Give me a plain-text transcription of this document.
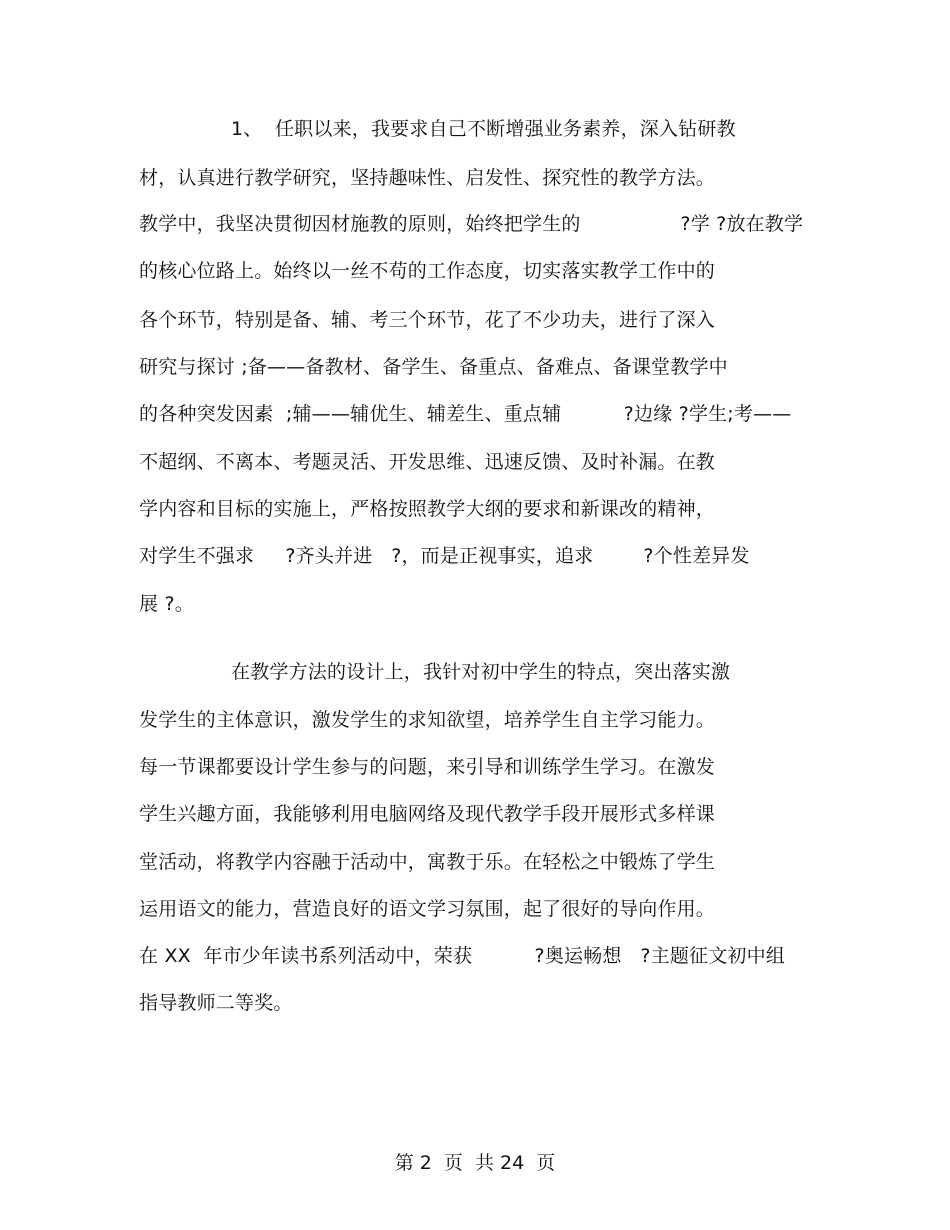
1、  任职以来，我要求自己不断增强业务素养，深入钻研教
材，认真进行教学研究，坚持趣味性、启发性、探究性的教学方法。
教学中，我坚决贯彻因材施教的原则，始终把学生的                ?学 ?放在教学
的核心位路上。始终以一丝不苟的工作态度，切实落实教学工作中的
各个环节，特别是备、辅、考三个环节，花了不少功夫，进行了深入
研究与探讨 ;备——备教材、备学生、备重点、备难点、备课堂教学中
的各种突发因素  ;辅——辅优生、辅差生、重点辅          ?边缘 ?学生;考——
不超纲、不离本、考题灵活、开发思维、迅速反馈、及时补漏。在教
学内容和目标的实施上，严格按照教学大纲的要求和新课改的精神，
对学生不强求     ?齐头并进   ?，而是正视事实，追求        ?个性差异发
展 ?。
在教学方法的设计上，我针对初中学生的特点，突出落实激
发学生的主体意识，激发学生的求知欲望，培养学生自主学习能力。
每一节课都要设计学生参与的问题，来引导和训练学生学习。在激发
学生兴趣方面，我能够利用电脑网络及现代教学手段开展形式多样课
堂活动，将教学内容融于活动中，寓教于乐。在轻松之中锻炼了学生
运用语文的能力，营造良好的语文学习氛围，起了很好的导向作用。
在 XX  年市少年读书系列活动中，荣获          ?奥运畅想   ?主题征文初中组
指导教师二等奖。
第 2  页  共 24  页
